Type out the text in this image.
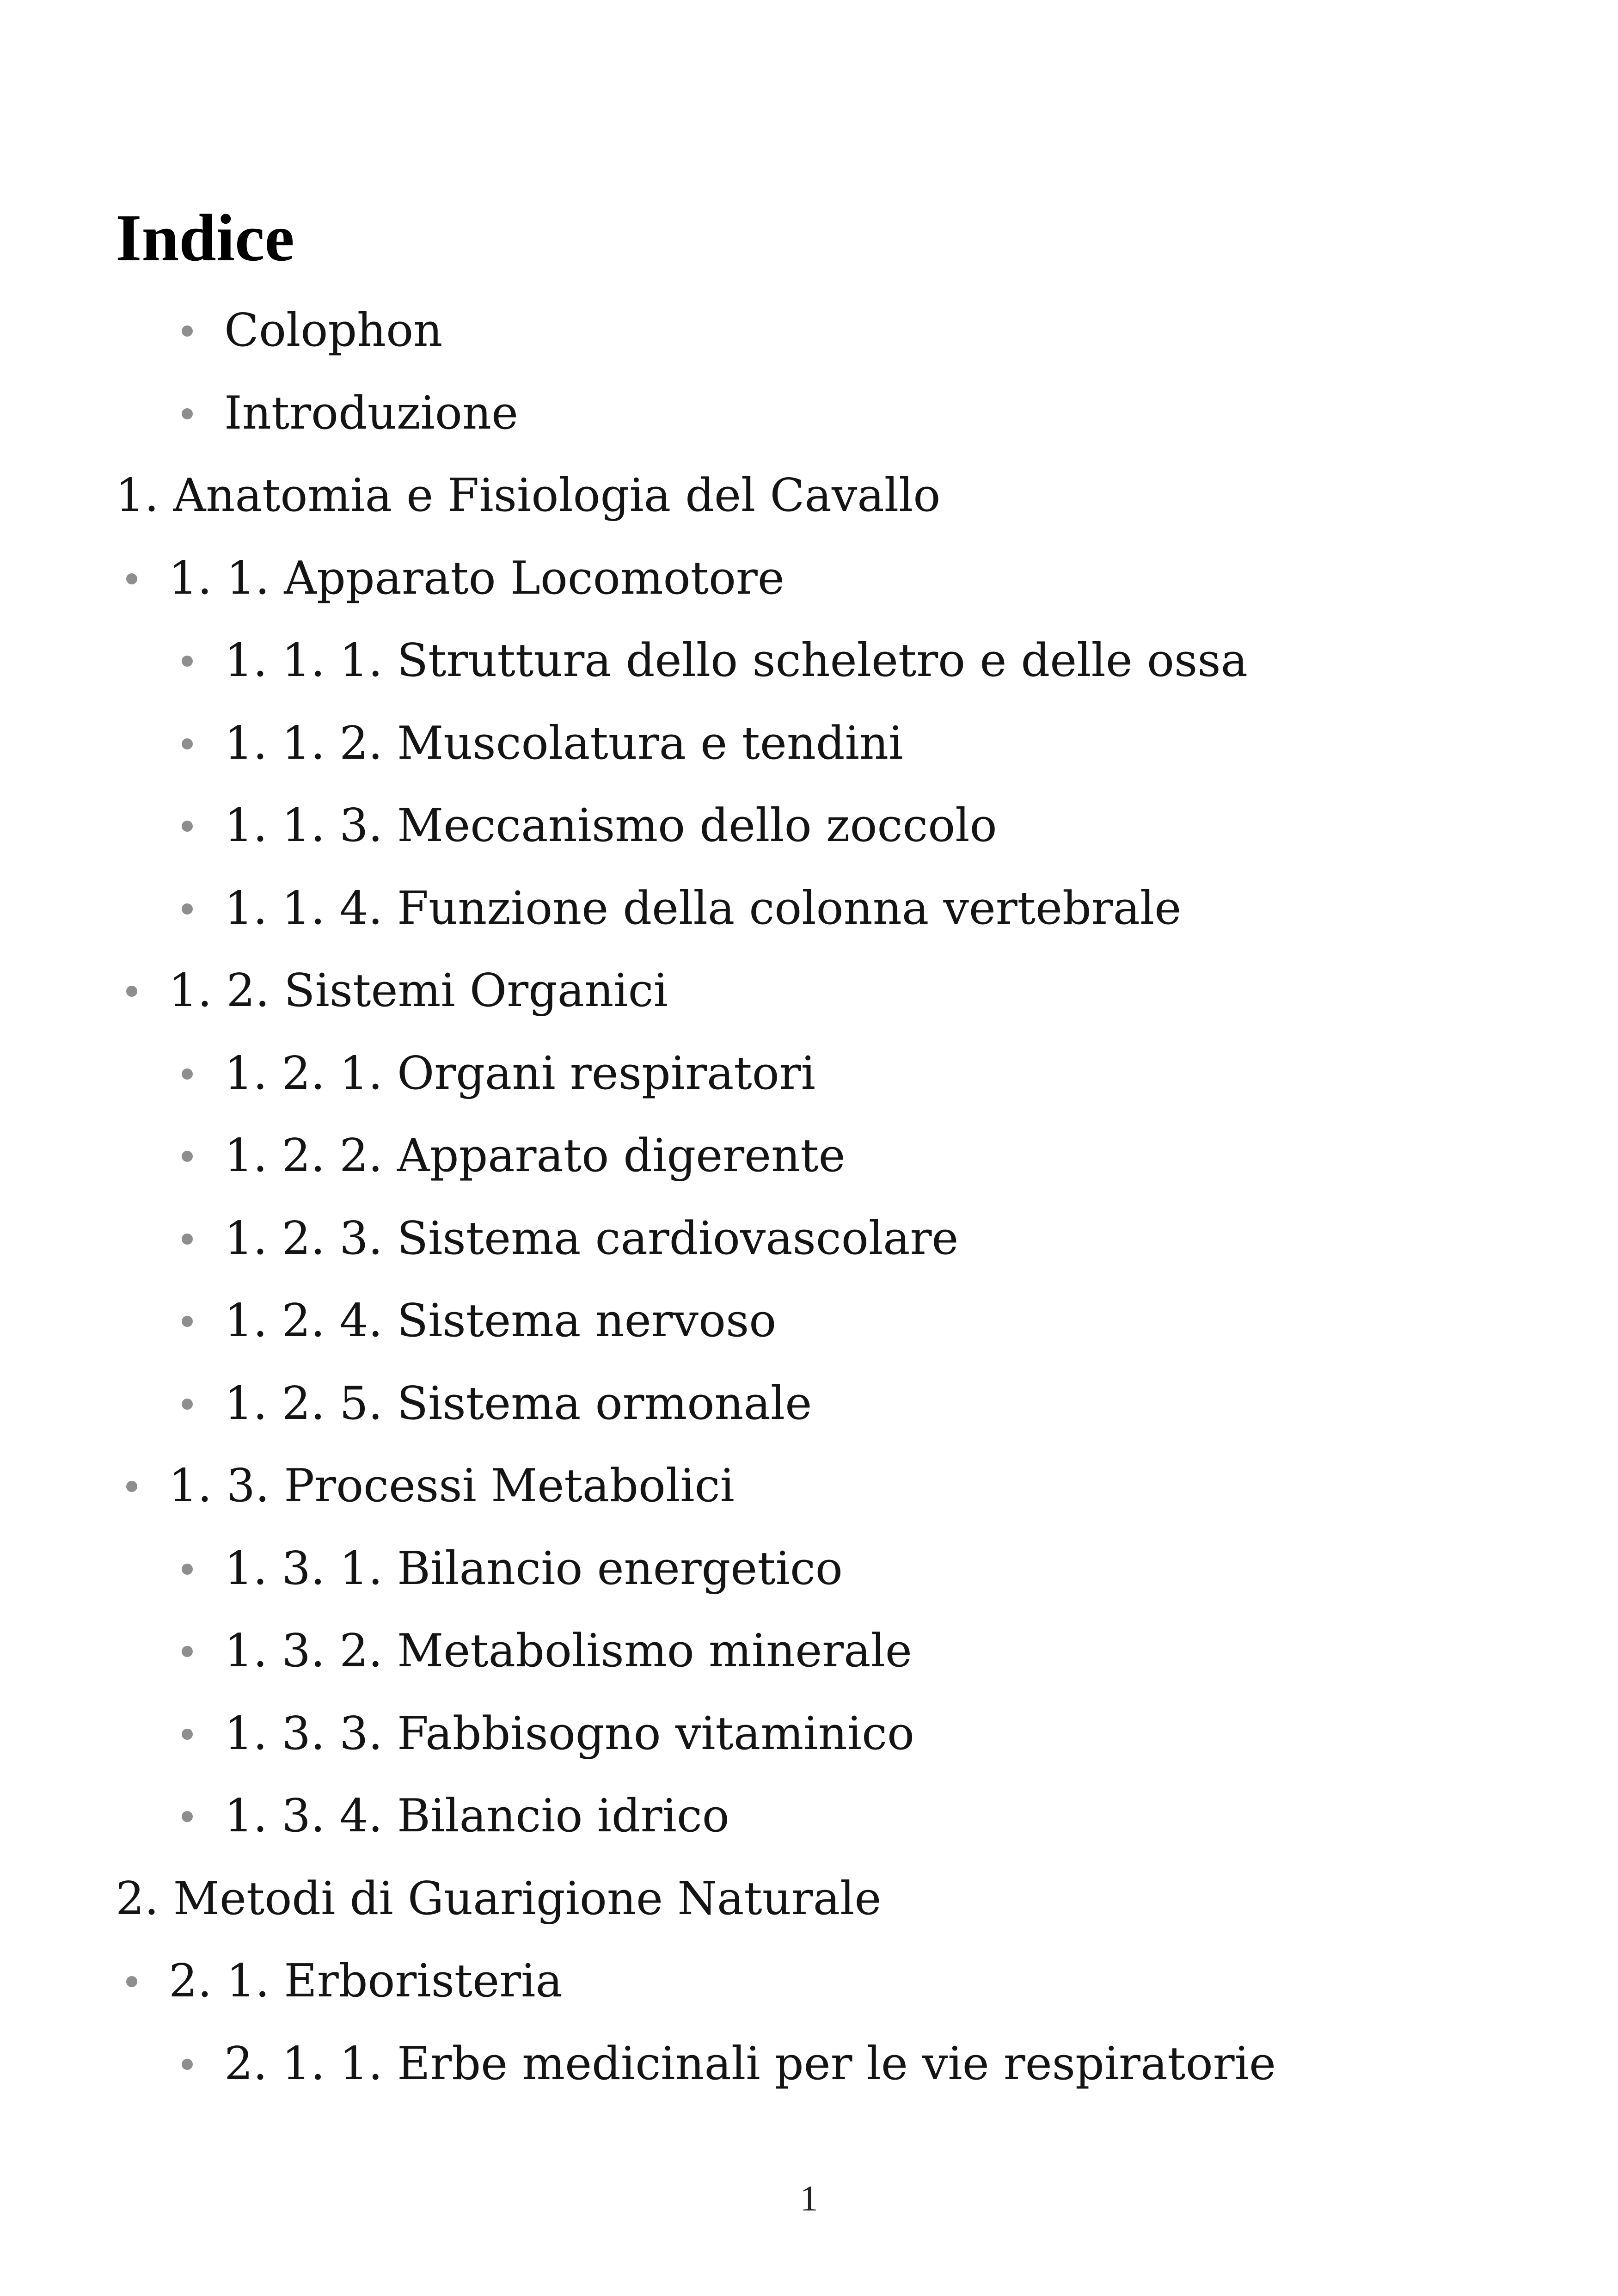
Indice
Colophon
Introduzione
1. Anatomia e Fisiologia del Cavallo
1. 1. Apparato Locomotore
1. 1. 1. Struttura dello scheletro e delle ossa
1. 1. 2. Muscolatura e tendini
1. 1. 3. Meccanismo dello zoccolo
1. 1. 4. Funzione della colonna vertebrale
1. 2. Sistemi Organici
1. 2. 1. Organi respiratori
1. 2. 2. Apparato digerente
1. 2. 3. Sistema cardiovascolare
1. 2. 4. Sistema nervoso
1. 2. 5. Sistema ormonale
1. 3. Processi Metabolici
1. 3. 1. Bilancio energetico
1. 3. 2. Metabolismo minerale
1. 3. 3. Fabbisogno vitaminico
1. 3. 4. Bilancio idrico
2. Metodi di Guarigione Naturale
2. 1. Erboristeria
2. 1. 1. Erbe medicinali per le vie respiratorie
1
